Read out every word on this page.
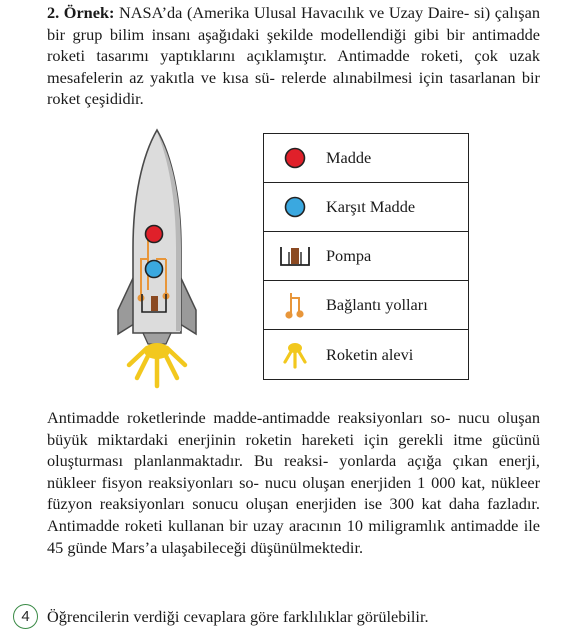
2. Örnek: NASA’da (Amerika Ulusal Havacılık ve Uzay Daire- si) çalışan bir grup bilim insanı aşağıdaki şekilde modellendiği gibi bir antimadde roketi tasarımı yaptıklarını açıklamıştır. Antimadde roketi, çok uzak mesafelerin az yakıtla ve kısa sü- relerde alınabilmesi için tasarlanan bir roket çeşididir.

Madde
Karşıt Madde
Pompa
Bağlantı yolları
Roketin alevi

Antimadde roketlerinde madde-antimadde reaksiyonları so- nucu oluşan büyük miktardaki enerjinin roketin hareketi için gerekli itme gücünü oluşturması planlanmaktadır. Bu reaksi- yonlarda açığa çıkan enerji, nükleer fisyon reaksiyonları so- nucu oluşan enerjiden 1 000 kat, nükleer füzyon reaksiyonları sonucu oluşan enerjiden ise 300 kat daha fazladır. Antimadde roketi kullanan bir uzay aracının 10 miligramlık antimadde ile 45 günde Mars’a ulaşabileceği düşünülmektedir.

4	Öğrencilerin verdiği cevaplara göre farklılıklar görülebilir.
